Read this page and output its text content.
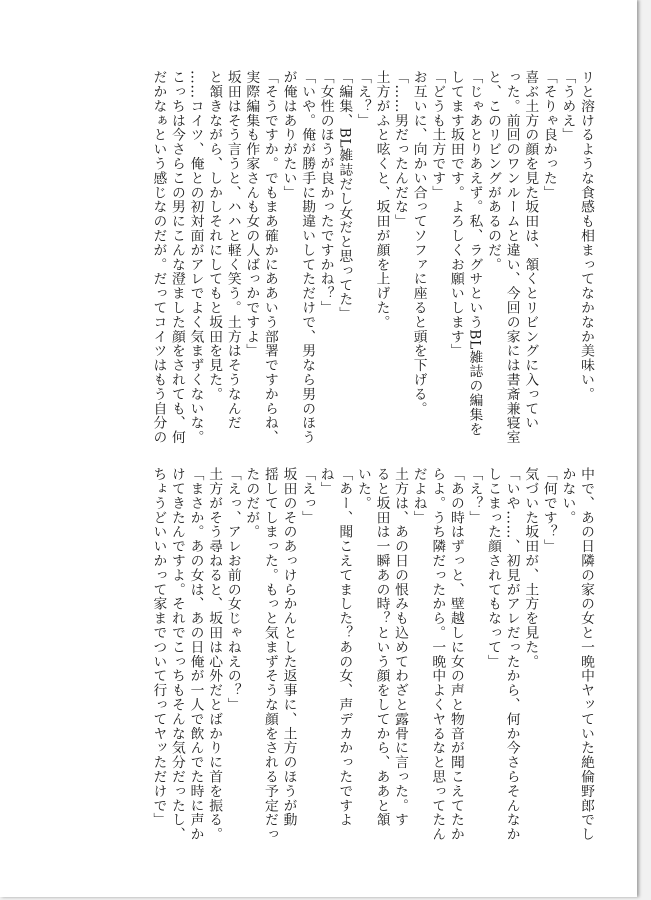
リと溶けるような食感も相まってなかなか美味い。
「うめえ」
「そりゃ良かった」
喜ぶ土方の顔を見た坂田は、頷くとリビングに入ってい
った。前回のワンルームと違い、今回の家には書斎兼寝室
と、このリビングがあるのだ。
「じゃあとりあえず。私、ラグサというBL雑誌の編集を
してます坂田です。よろしくお願いします」
「どうも土方です」
お互いに、向かい合ってソファに座ると頭を下げる。
「……男だったんだな」
土方がふと呟くと、坂田が顔を上げた。
「え？」
「編集、BL雑誌だし女だと思ってた」
「女性のほうが良かったですかね？」
「いや。俺が勝手に勘違いしてただけで、男なら男のほう
が俺はありがたい」
「そうですか。でもまあ確かにああいう部署ですからね、
実際編集も作家さんも女の人ばっかですよ」
坂田はそう言うと、ハハと軽く笑う。土方はそうなんだ
と頷きながら、しかしそれにしてもと坂田を見た。
……コイツ、俺との初対面がアレでよく気まずくないな。
こっちは今さらこの男にこんな澄ました顔をされても、何
だかなぁという感じなのだが。だってコイツはもう自分の
中で、あの日隣の家の女と一晩中ヤッていた絶倫野郎でし
かない。
「何です？」
気づいた坂田が、土方を見た。
「いや……、初見がアレだったから、何か今さらそんなか
しこまった顔されてもなって」
「え？」
「あの時はずっと、壁越しに女の声と物音が聞こえてたか
らよ。うち隣だったから。一晩中よくヤるなと思ってたん
だよね」
土方は、あの日の恨みも込めてわざと露骨に言った。す
ると坂田は一瞬あの時？という顔をしてから、ああと頷
いた。
「あー、聞こえてました？あの女、声デカかったですよ
ね」
「えっ」
坂田のそのあっけらかんとした返事に、土方のほうが動
揺してしまった。もっと気まずそうな顔をされる予定だっ
たのだが。
「えっ、アレお前の女じゃねえの？」
土方がそう尋ねると、坂田は心外だとばかりに首を振る。
「まさか。あの女は、あの日俺が一人で飲んでた時に声か
けてきたんですよ。それでこっちもそんな気分だったし、
ちょうどいいかって家までついて行ってヤッただけで」
